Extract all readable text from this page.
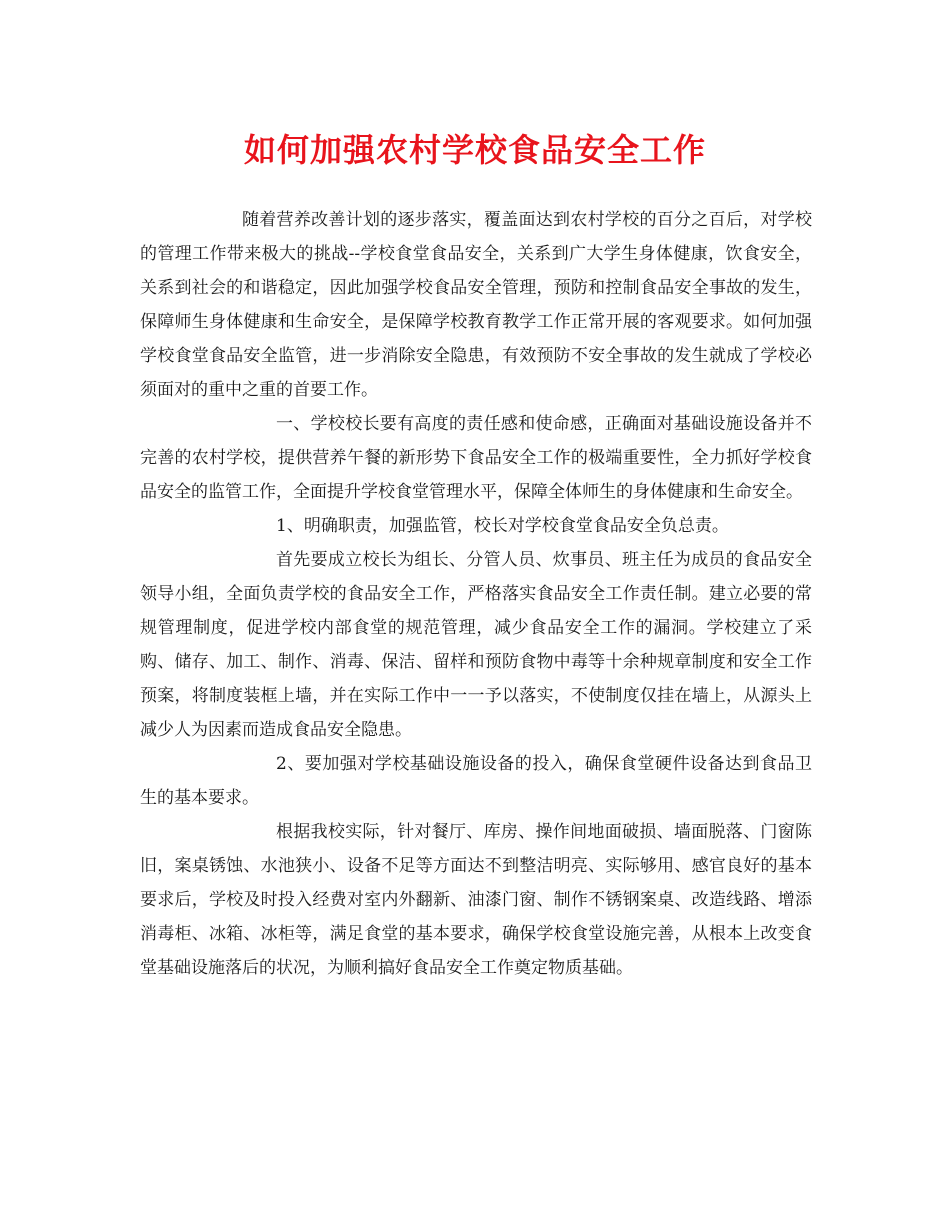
如何加强农村学校食品安全工作

随着营养改善计划的逐步落实，覆盖面达到农村学校的百分之百后，对学校的管理工作带来极大的挑战--学校食堂食品安全，关系到广大学生身体健康，饮食安全，关系到社会的和谐稳定，因此加强学校食品安全管理，预防和控制食品安全事故的发生，保障师生身体健康和生命安全，是保障学校教育教学工作正常开展的客观要求。如何加强学校食堂食品安全监管，进一步消除安全隐患，有效预防不安全事故的发生就成了学校必须面对的重中之重的首要工作。

一、学校校长要有高度的责任感和使命感，正确面对基础设施设备并不完善的农村学校，提供营养午餐的新形势下食品安全工作的极端重要性，全力抓好学校食品安全的监管工作，全面提升学校食堂管理水平，保障全体师生的身体健康和生命安全。

1、明确职责，加强监管，校长对学校食堂食品安全负总责。

首先要成立校长为组长、分管人员、炊事员、班主任为成员的食品安全领导小组，全面负责学校的食品安全工作，严格落实食品安全工作责任制。建立必要的常规管理制度，促进学校内部食堂的规范管理，减少食品安全工作的漏洞。学校建立了采购、储存、加工、制作、消毒、保洁、留样和预防食物中毒等十余种规章制度和安全工作预案，将制度装框上墙，并在实际工作中一一予以落实，不使制度仅挂在墙上，从源头上减少人为因素而造成食品安全隐患。

2、要加强对学校基础设施设备的投入，确保食堂硬件设备达到食品卫生的基本要求。

根据我校实际，针对餐厅、库房、操作间地面破损、墙面脱落、门窗陈旧，案桌锈蚀、水池狭小、设备不足等方面达不到整洁明亮、实际够用、感官良好的基本要求后，学校及时投入经费对室内外翻新、油漆门窗、制作不锈钢案桌、改造线路、增添消毒柜、冰箱、冰柜等，满足食堂的基本要求，确保学校食堂设施完善，从根本上改变食堂基础设施落后的状况，为顺利搞好食品安全工作奠定物质基础。
